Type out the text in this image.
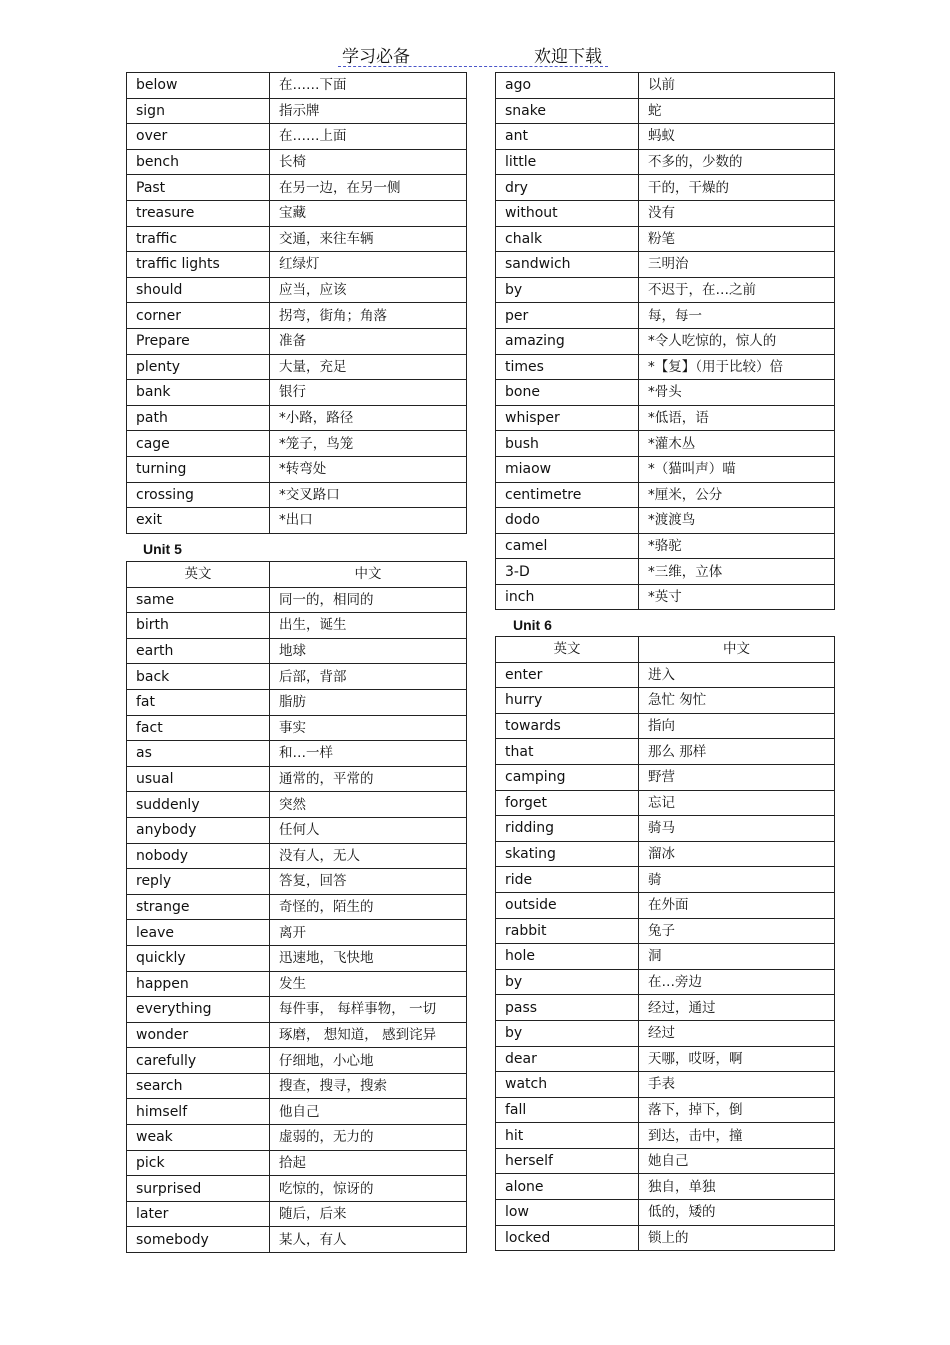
学习必备	欢迎下载
below	在……下面
sign	指示牌
over	在……上面
bench	长椅
Past	在另一边，在另一侧
treasure	宝藏
traffic	交通，来往车辆
traffic lights	红绿灯
should	应当，应该
corner	拐弯，街角；角落
Prepare	准备
plenty	大量，充足
bank	银行
path	*小路，路径
cage	*笼子，鸟笼
turning	*转弯处
crossing	*交叉路口
exit	*出口
Unit 5
英文	中文
same	同一的，相同的
birth	出生，诞生
earth	地球
back	后部，背部
fat	脂肪
fact	事实
as	和…一样
usual	通常的，平常的
suddenly	突然
anybody	任何人
nobody	没有人，无人
reply	答复，回答
strange	奇怪的，陌生的
leave	离开
quickly	迅速地，飞快地
happen	发生
everything	每件事， 每样事物， 一切
wonder	琢磨， 想知道， 感到诧异
carefully	仔细地，小心地
search	搜查，搜寻，搜索
himself	他自己
weak	虚弱的，无力的
pick	拾起
surprised	吃惊的，惊讶的
later	随后，后来
somebody	某人，有人
ago	以前
snake	蛇
ant	蚂蚁
little	不多的，少数的
dry	干的，干燥的
without	没有
chalk	粉笔
sandwich	三明治
by	不迟于，在…之前
per	每，每一
amazing	*令人吃惊的，惊人的
times	*【复】（用于比较）倍
bone	*骨头
whisper	*低语，语
bush	*灌木丛
miaow	*（猫叫声）喵
centimetre	*厘米，公分
dodo	*渡渡鸟
camel	*骆驼
3-D	*三维，立体
inch	*英寸
Unit 6
英文	中文
enter	进入
hurry	急忙 匆忙
towards	指向
that	那么 那样
camping	野营
forget	忘记
ridding	骑马
skating	溜冰
ride	骑
outside	在外面
rabbit	兔子
hole	洞
by	在…旁边
pass	经过，通过
by	经过
dear	天哪，哎呀，啊
watch	手表
fall	落下，掉下，倒
hit	到达，击中，撞
herself	她自己
alone	独自，单独
low	低的，矮的
locked	锁上的
